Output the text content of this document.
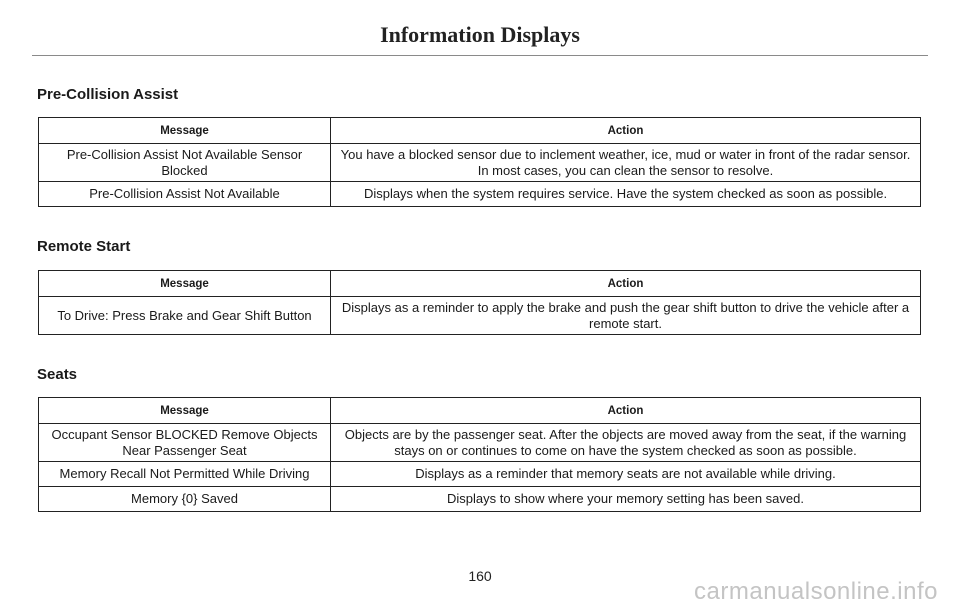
Information Displays
Pre-Collision Assist
Message	Action
Pre-Collision Assist Not Available Sensor Blocked	You have a blocked sensor due to inclement weather, ice, mud or water in front of the radar sensor. In most cases, you can clean the sensor to resolve.
Pre-Collision Assist Not Available	Displays when the system requires service. Have the system checked as soon as possible.
Remote Start
Message	Action
To Drive: Press Brake and Gear Shift Button	Displays as a reminder to apply the brake and push the gear shift button to drive the vehicle after a remote start.
Seats
Message	Action
Occupant Sensor BLOCKED Remove Objects Near Passenger Seat	Objects are by the passenger seat. After the objects are moved away from the seat, if the warning stays on or continues to come on have the system checked as soon as possible.
Memory Recall Not Permitted While Driving	Displays as a reminder that memory seats are not available while driving.
Memory {0} Saved	Displays to show where your memory setting has been saved.
160
carmanualsonline.info
